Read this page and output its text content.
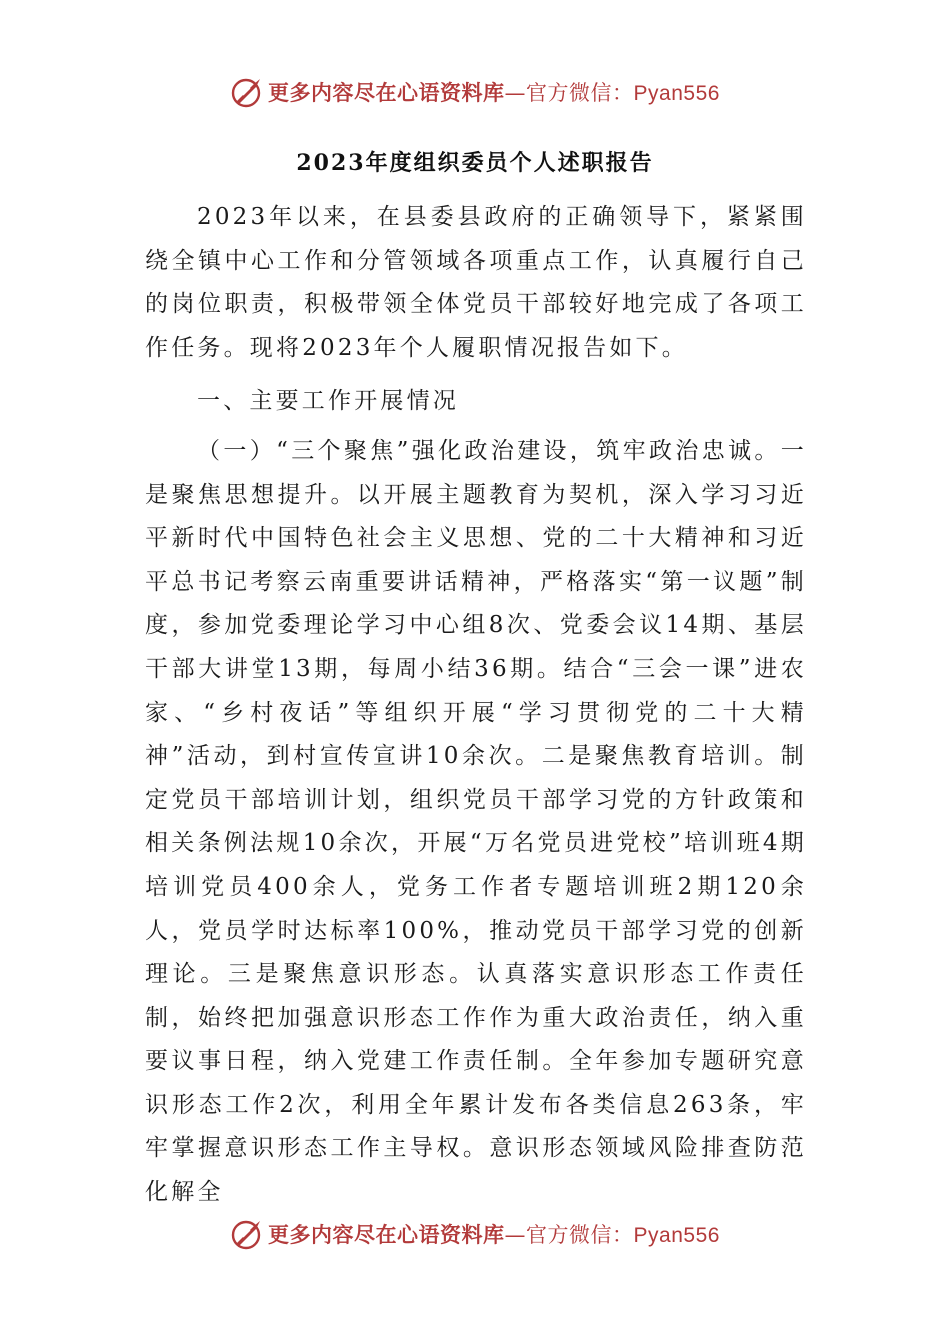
更多内容尽在心语资料库—官方微信：Pyan556
2023年度组织委员个人述职报告

2023年以来，在县委县政府的正确领导下，紧紧围绕全镇中心工作和分管领域各项重点工作，认真履行自己的岗位职责，积极带领全体党员干部较好地完成了各项工作任务。现将2023年个人履职情况报告如下。

一、主要工作开展情况

（一）“三个聚焦”强化政治建设，筑牢政治忠诚。一是聚焦思想提升。以开展主题教育为契机，深入学习习近平新时代中国特色社会主义思想、党的二十大精神和习近平总书记考察云南重要讲话精神，严格落实“第一议题”制度，参加党委理论学习中心组8次、党委会议14期、基层干部大讲堂13期，每周小结36期。结合“三会一课”进农家、“乡村夜话”等组织开展“学习贯彻党的二十大精神”活动，到村宣传宣讲10余次。二是聚焦教育培训。制定党员干部培训计划，组织党员干部学习党的方针政策和相关条例法规10余次，开展“万名党员进党校”培训班4期培训党员400余人，党务工作者专题培训班2期120余人，党员学时达标率100%，推动党员干部学习党的创新理论。三是聚焦意识形态。认真落实意识形态工作责任制，始终把加强意识形态工作作为重大政治责任，纳入重要议事日程，纳入党建工作责任制。全年参加专题研究意识形态工作2次，利用全年累计发布各类信息263条，牢牢掌握意识形态工作主导权。意识形态领域风险排查防范化解全

更多内容尽在心语资料库—官方微信：Pyan556
